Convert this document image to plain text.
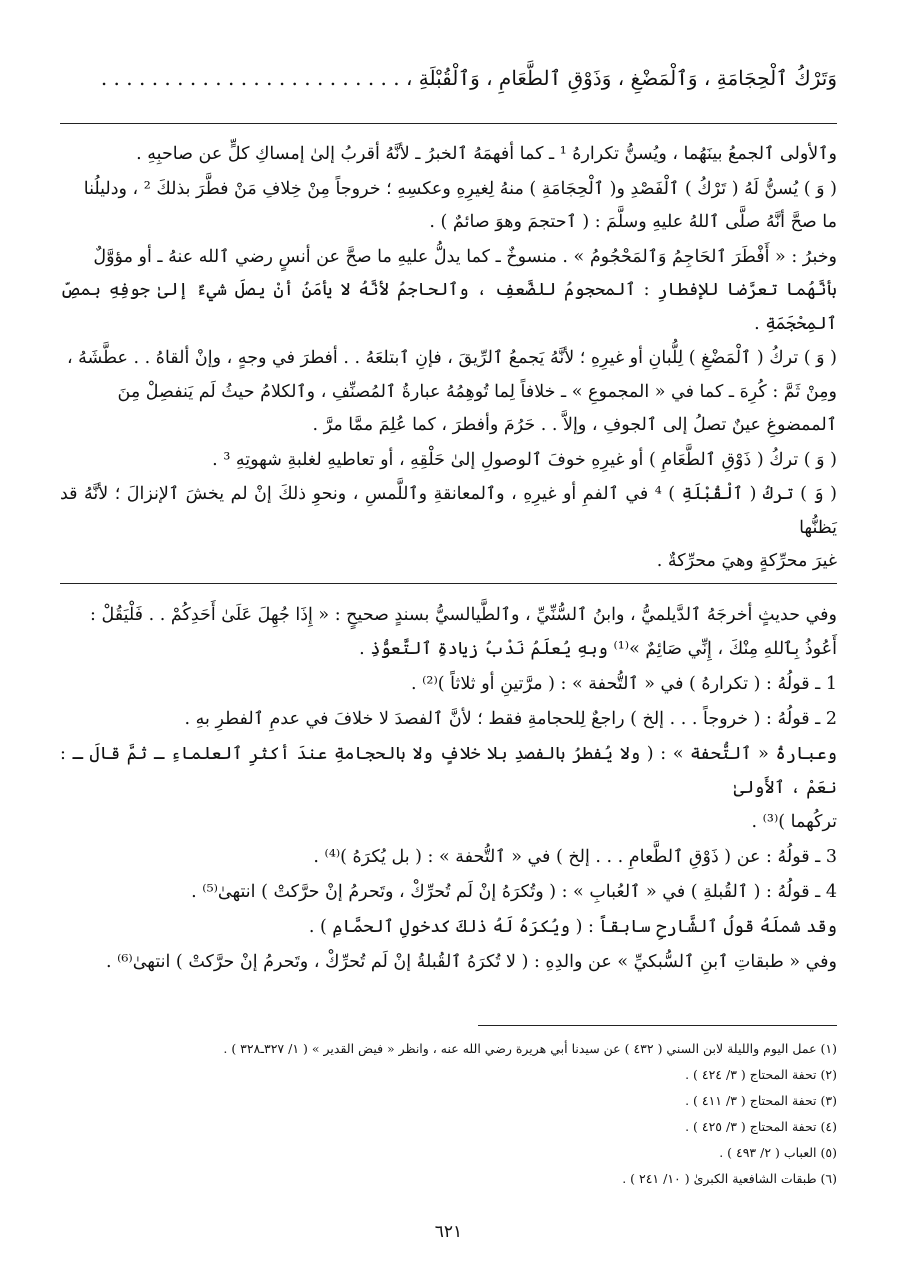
وَتَرْكُ ٱلْحِجَامَةِ ، وَٱلْمَضْغِ ، وَذَوْقِ ٱلطَّعَامِ ، وَٱلْقُبْلَةِ ، . . . . . . . . . . . . . . . . . . . . . . . .

وٱلأولى ٱلجمعُ بينَهُما ، ويُسنُّ تكرارهُ ¹ ـ كما أفهمَهُ ٱلخبرُ ـ لأنَّهُ أقربُ إلىٰ إمساكِ كلٍّ عن صاحبِهِ .

( وَ ) يُسنُّ لَهُ ( تَرْكُ ) ٱلْفَصْدِ و( ٱلْحِجَامَةِ ) منهُ لِغيرِهِ وعكسِهِ ؛ خروجاً مِنْ خِلافِ مَنْ فطَّرَ بذلكَ ² ، ودليلُنا
ما صحَّ أنَّهُ صلَّى ٱللهُ عليهِ وسلَّمَ : ( ٱحتجمَ وهوَ صائمٌ ) .

وخبرُ : « أَفْطَرَ ٱلحَاجِمُ وَٱلمَحْجُومُ » . منسوخٌ ـ كما يدلُّ عليهِ ما صحَّ عن أنسٍ رضي ٱلله عنهُ ـ أو مؤوَّلٌ
بأنَّهُما تعرَّضا للإفطارِ : ٱلمحجومُ للضَّعفِ ، وٱلحاجمُ لأنَّهُ لا يأمَنُ أنْ يصلَ شيءٌ إلىٰ جوفِهِ بمصِّ ٱلمِحْجَمَةِ .

( وَ ) تركُ ( ٱلْمَضْغِ ) لِلُّبانِ أو غيرِهِ ؛ لأنَّهُ يَجمعُ ٱلرِّيقَ ، فإنِ ٱبتلعَهُ . . أفطرَ في وجهٍ ، وإنْ ألقاهُ . . عطَّشَهُ ،
ومِنْ ثَمَّ : كُرِهَ ـ كما في « المجموعِ » ـ خلافاً لِما تُوهِمُهُ عبارةُ ٱلمُصنِّفِ ، وٱلكلامُ حيثُ لَم يَنفصِلْ مِنَ
ٱلممضوغِ عينٌ تصلُ إلى ٱلجوفِ ، وإلاَّ . . حَرُمَ وأفطرَ ، كما عُلِمَ ممَّا مرَّ .

( وَ ) تركُ ( ذَوْقِ ٱلطَّعَامِ ) أو غيرِهِ خوفَ ٱلوصولِ إلىٰ حَلْقِهِ ، أو تعاطيهِ لغلبةِ شهوتِهِ ³ .

( وَ ) تركُ ( ٱلْقُبْلَةِ ) ⁴ في ٱلفمِ أو غيرِهِ ، وٱلمعانقةِ وٱللَّمسِ ، ونحوِ ذلكَ إنْ لم يخشَ ٱلإنزالَ ؛ لأنَّهُ قد يَظنُّها
غيرَ محرِّكةٍ وهيَ محرِّكةٌ .

وفي حديثٍ أخرجَهُ ٱلدَّيلميُّ ، وابنُ ٱلسُّنِّيِّ ، وٱلطَّيالسيُّ بسندٍ صحيحٍ : « إِذَا جُهِلَ عَلَىٰ أَحَدِكُمْ . . فَلْيَقُلْ :
أَعُوذُ بِٱللهِ مِنْكَ ، إِنِّي صَائِمٌ »⁽¹⁾ وبهِ يُعلَمُ نَدْبُ زيادةِ ٱلتَّعوُّذِ .

1 ـ قولُهُ : ( تكرارهُ ) في « ٱلتُّحفة » : ( مرَّتينِ أو ثلاثاً )⁽²⁾ .

2 ـ قولُهُ : ( خروجاً . . . إلخ ) راجعٌ لِلحجامةِ فقط ؛ لأنَّ ٱلفصدَ لا خلافَ في عدمِ ٱلفطرِ بهِ .

وعبارةُ « ٱلتُّحفة » : ( ولا يُفطرُ بالفصدِ بلا خلافٍ ولا بالحجامةِ عندَ أكثرِ ٱلعلماءِ ـ ثمَّ قالَ ـ : نعَمْ ، ٱلأَولىٰ
تركُهما )⁽³⁾ .

3 ـ قولُهُ : عن ( ذَوْقِ ٱلطَّعامِ . . . إلخ ) في « ٱلتُّحفة » : ( بل يُكرَهُ )⁽⁴⁾ .

4 ـ قولُهُ : ( ٱلقُبلةِ ) في « ٱلعُبابِ » : ( وتُكرَهُ إنْ لَم تُحرِّكْ ، وتَحرمُ إنْ حرَّكتْ ) انتهىٰ⁽⁵⁾ .

وقد شملَهُ قولُ ٱلشَّارحِ سابقاً : ( ويُكرَهُ لَهُ ذلكَ كدخولِ ٱلحمَّامِ ) .

وفي « طبقاتِ ٱبنِ ٱلسُّبكيِّ » عن والدِهِ : ( لا تُكرَهُ ٱلقُبلةُ إنْ لَم تُحرِّكْ ، وتَحرمُ إنْ حرَّكتْ ) انتهىٰ⁽⁶⁾ .

(١) عمل اليوم والليلة لابن السني ( ٤٣٢ ) عن سيدنا أبي هريرة رضي الله عنه ، وانظر « فيض القدير » ( ١/ ٣٢٧ـ٣٢٨ ) .
(٢) تحفة المحتاج ( ٣/ ٤٢٤ ) .
(٣) تحفة المحتاج ( ٣/ ٤١١ ) .
(٤) تحفة المحتاج ( ٣/ ٤٢٥ ) .
(٥) العباب ( ٢/ ٤٩٣ ) .
(٦) طبقات الشافعية الكبرىٰ ( ١٠/ ٢٤١ ) .
٦٢١
